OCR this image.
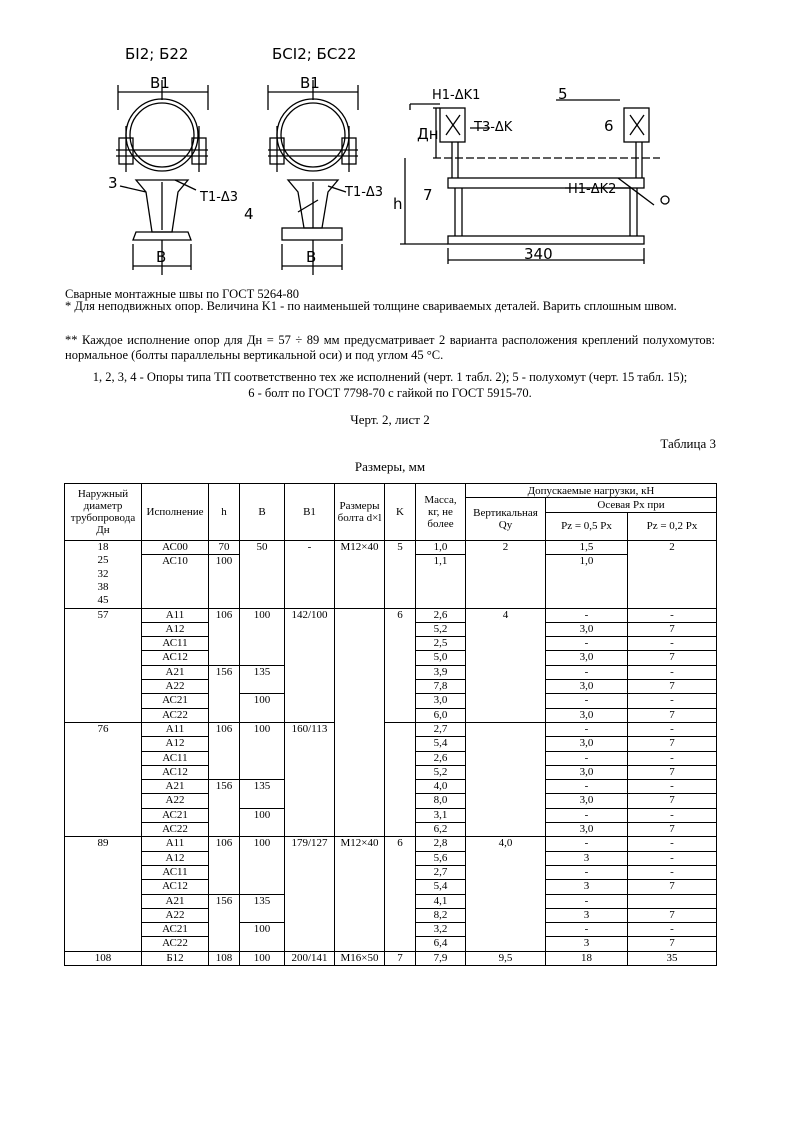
БI2; Б22	БСI2; БС22
B1	B1
B	B
3
4
T1-Δ3	T1-Δ3
H1-ΔK1
T3-ΔK
H1-ΔK2
Дн
h
5
6
7
340
Сварные монтажные швы по ГОСТ 5264-80
* Для неподвижных опор. Величина K1 - по наименьшей толщине свариваемых деталей. Варить сплошным швом.
** Каждое исполнение опор для Дн = 57 ÷ 89 мм предусматривает 2 варианта расположения креплений полухомутов: нормальное (болты параллельны вертикальной оси) и под углом 45 °С.
1, 2, 3, 4 - Опоры типа ТП соответственно тех же исполнений (черт. 1 табл. 2); 5 - полухомут (черт. 15 табл. 15);
6 - болт по ГОСТ 7798-70 с гайкой по ГОСТ 5915-70.
Черт. 2, лист 2
Таблица 3
Размеры, мм
Наружный диаметр трубопровода Дн	Исполнение	h	B	B1	Размеры болта d×l	K	Масса, кг, не более	Допускаемые нагрузки, кН		
								Вертикальная Qy	Осевая Px при	
									Pz = 0,5 Px	Pz = 0,2 Px
18	АС00	70	50	-	M12×40	5	1,0	2	1,5	2
25	АС10	100					1,1		1,0	
32										
38										
45										
57	А11	106	100	142/100		6	2,6	4	-	-
	А12						5,2		3,0	7
	АС11						2,5		-	-
	АС12						5,0		3,0	7
	А21	156	135				3,9		-	-
	А22						7,8		3,0	7
	АС21		100				3,0		-	-
	АС22						6,0		3,0	7
76	А11	106	100	160/113			2,7		-	-
	А12						5,4		3,0	7
	АС11						2,6		-	-
	АС12						5,2		3,0	7
	А21	156	135				4,0		-	-
	А22						8,0		3,0	7
	АС21		100				3,1		-	-
	АС22						6,2		3,0	7
89	А11	106	100	179/127	M12×40	6	2,8	4,0	-	-
	А12						5,6		3	-
	АС11						2,7		-	-
	АС12						5,4		3	7
	А21	156	135				4,1		-	
	А22						8,2		3	7
	АС21		100				3,2		-	-
	АС22						6,4		3	7
108	Б12	108	100	200/141	M16×50	7	7,9	9,5	18	35
